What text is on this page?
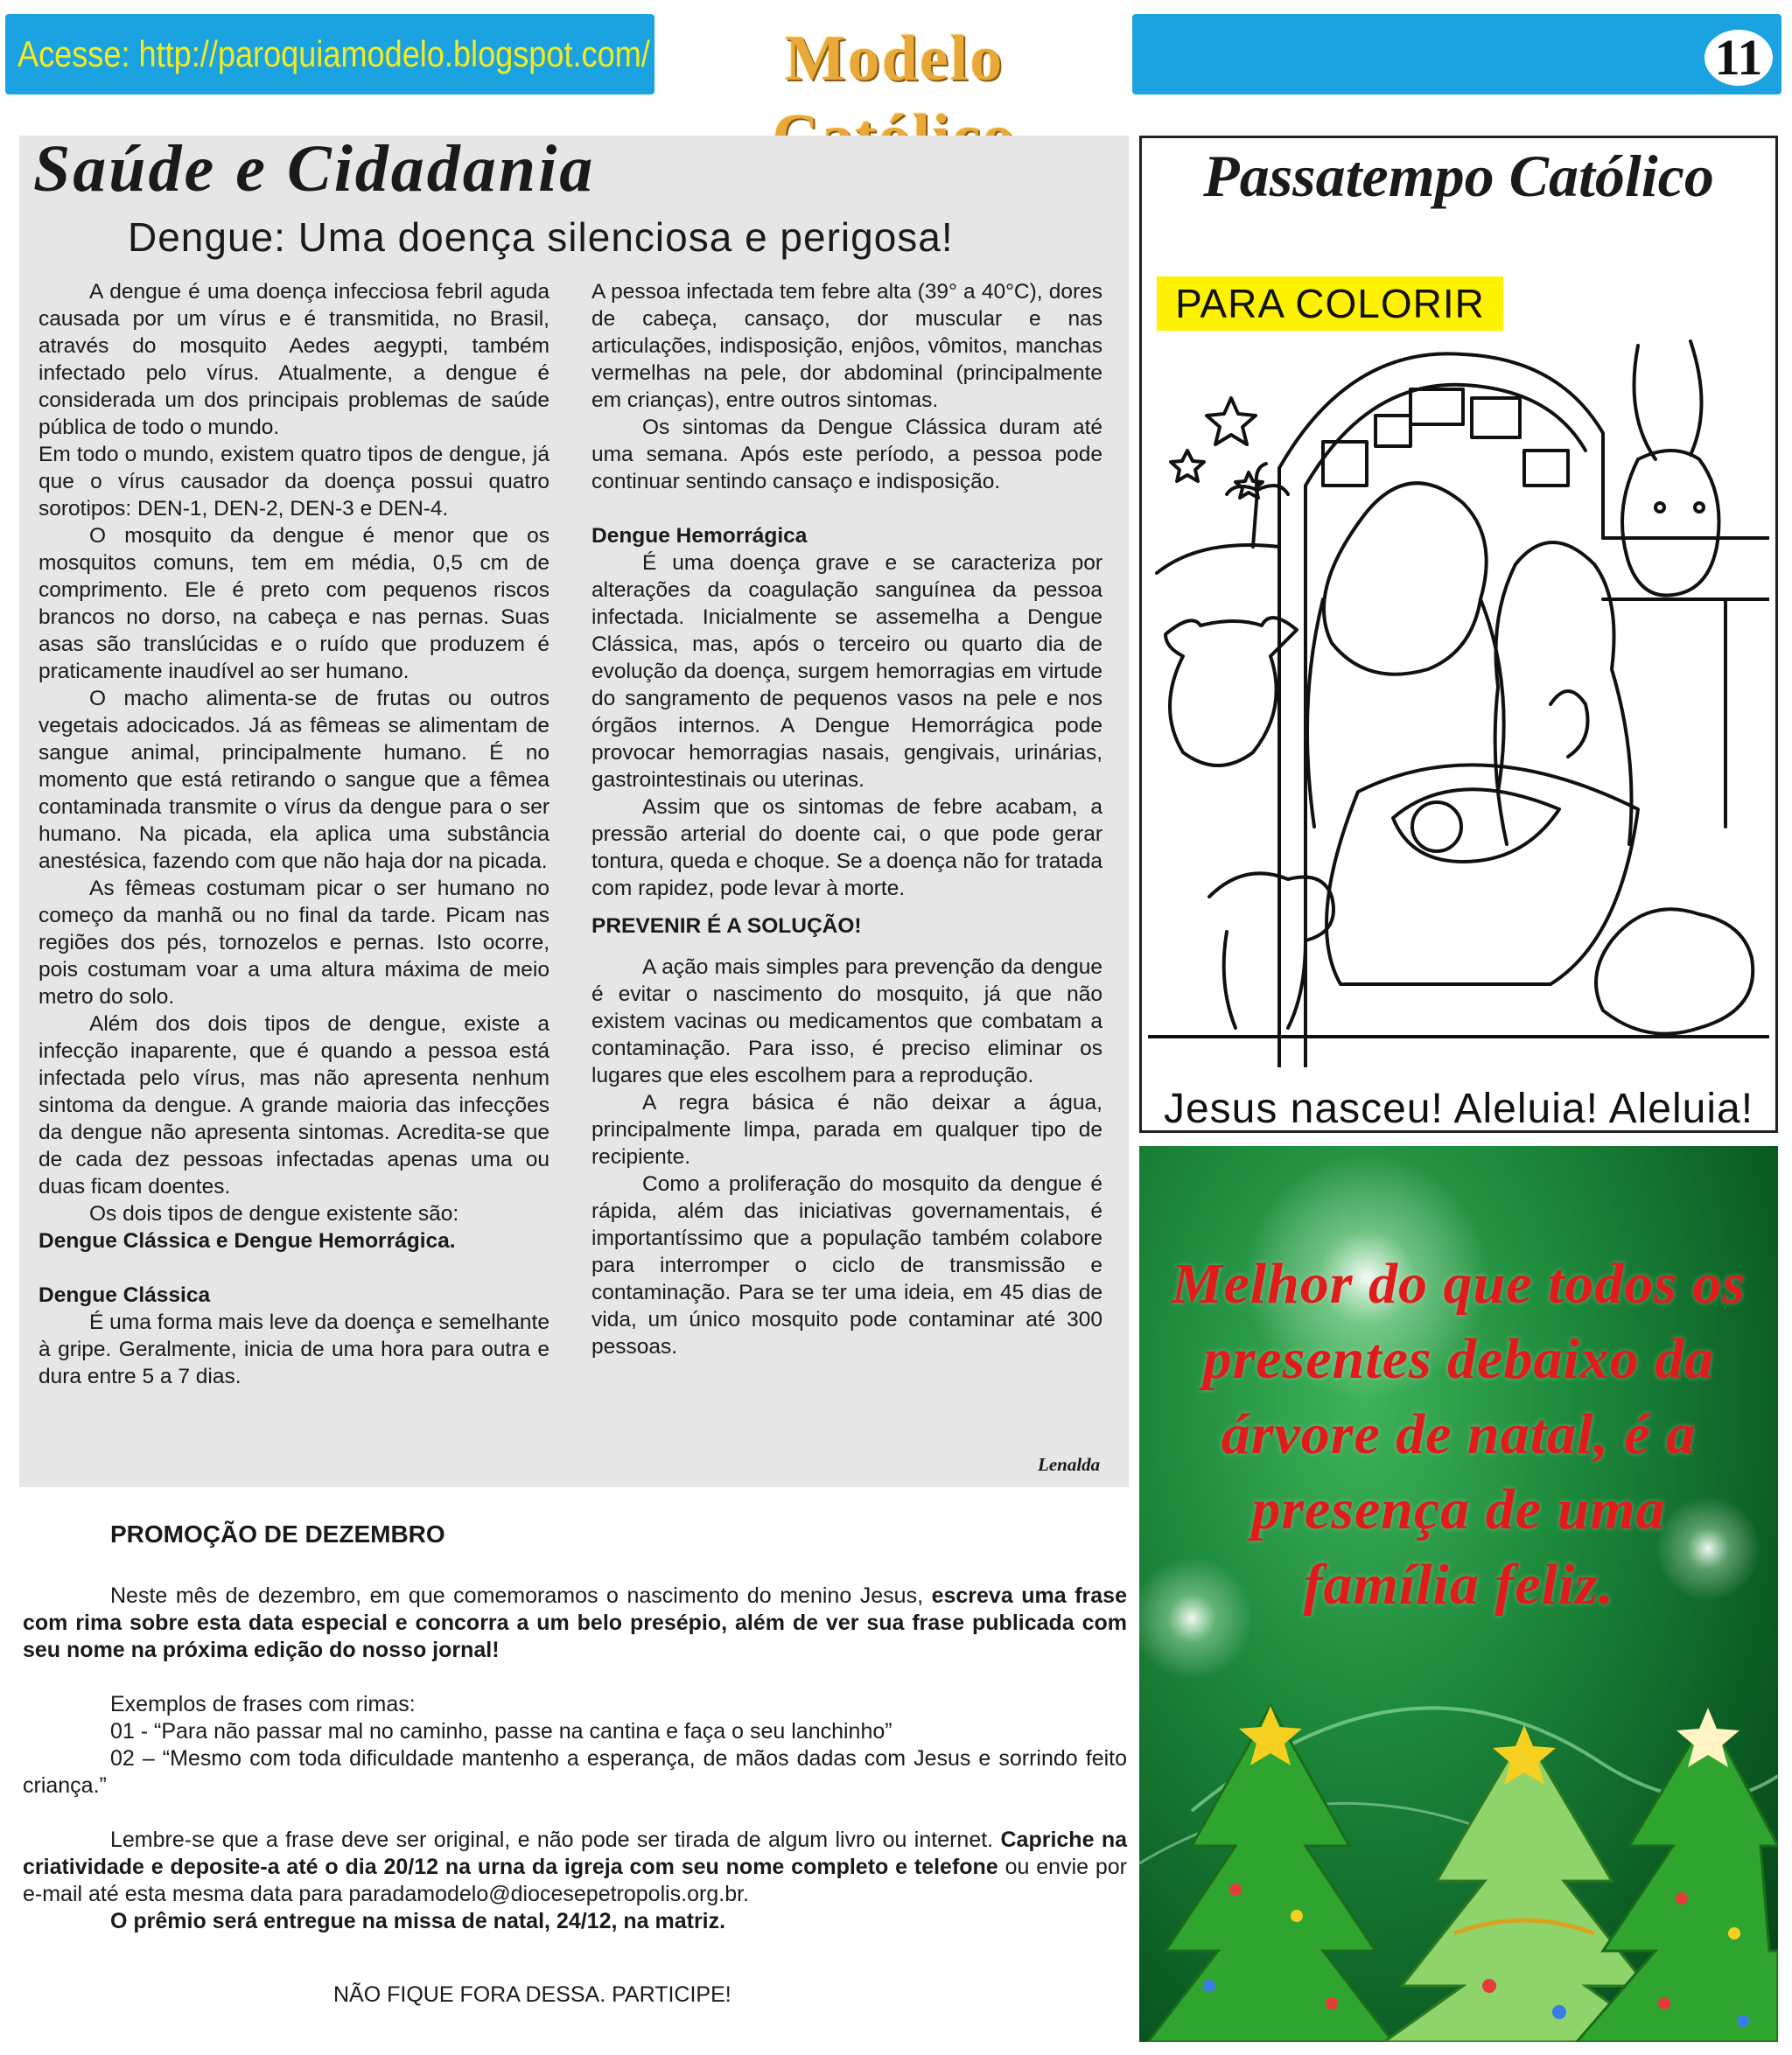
Acesse: http://paroquiamodelo.blogspot.com/	Modelo	11
Saúde e Cidadania
Dengue: Uma doença silenciosa e perigosa!

A dengue é uma doença infecciosa febril aguda causada por um vírus e é transmitida, no Brasil, através do mosquito Aedes aegypti, também infectado pelo vírus. Atualmente, a dengue é considerada um dos principais problemas de saúde pública de todo o mundo.

Em todo o mundo, existem quatro tipos de dengue, já que o vírus causador da doença possui quatro sorotipos: DEN-1, DEN-2, DEN-3 e DEN-4.

O mosquito da dengue é menor que os mosquitos comuns, tem em média, 0,5 cm de comprimento. Ele é preto com pequenos riscos brancos no dorso, na cabeça e nas pernas. Suas asas são translúcidas e o ruído que produzem é praticamente inaudível ao ser humano.

O macho alimenta-se de frutas ou outros vegetais adocicados. Já as fêmeas se alimentam de sangue animal, principalmente humano. É no momento que está retirando o sangue que a fêmea contaminada transmite o vírus da dengue para o ser humano. Na picada, ela aplica uma substância anestésica, fazendo com que não haja dor na picada.

As fêmeas costumam picar o ser humano no começo da manhã ou no final da tarde. Picam nas regiões dos pés, tornozelos e pernas. Isto ocorre, pois costumam voar a uma altura máxima de meio metro do solo.

Além dos dois tipos de dengue, existe a infecção inaparente, que é quando a pessoa está infectada pelo vírus, mas não apresenta nenhum sintoma da dengue. A grande maioria das infecções da dengue não apresenta sintomas. Acredita-se que de cada dez pessoas infectadas apenas uma ou duas ficam doentes.

Os dois tipos de dengue existente são:

Dengue Clássica e Dengue Hemorrágica.

Dengue Clássica

É uma forma mais leve da doença e semelhante à gripe. Geralmente, inicia de uma hora para outra e dura entre 5 a 7 dias.

A pessoa infectada tem febre alta (39° a 40°C), dores de cabeça, cansaço, dor muscular e nas articulações, indisposição, enjôos, vômitos, manchas vermelhas na pele, dor abdominal (principalmente em crianças), entre outros sintomas.

Os sintomas da Dengue Clássica duram até uma semana. Após este período, a pessoa pode continuar sentindo cansaço e indisposição.

Dengue Hemorrágica

É uma doença grave e se caracteriza por alterações da coagulação sanguínea da pessoa infectada. Inicialmente se assemelha a Dengue Clássica, mas, após o terceiro ou quarto dia de evolução da doença, surgem hemorragias em virtude do sangramento de pequenos vasos na pele e nos órgãos internos. A Dengue Hemorrágica pode provocar hemorragias nasais, gengivais, urinárias, gastrointestinais ou uterinas.

Assim que os sintomas de febre acabam, a pressão arterial do doente cai, o que pode gerar tontura, queda e choque. Se a doença não for tratada com rapidez, pode levar à morte.

PREVENIR É A SOLUÇÃO!

A ação mais simples para prevenção da dengue é evitar o nascimento do mosquito, já que não existem vacinas ou medicamentos que combatam a contaminação. Para isso, é preciso eliminar os lugares que eles escolhem para a reprodução.

A regra básica é não deixar a água, principalmente limpa, parada em qualquer tipo de recipiente.

Como a proliferação do mosquito da dengue é rápida, além das iniciativas governamentais, é importantíssimo que a população também colabore para interromper o ciclo de transmissão e contaminação. Para se ter uma ideia, em 45 dias de vida, um único mosquito pode contaminar até 300 pessoas.

Lenalda

PROMOÇÃO DE DEZEMBRO

Neste mês de dezembro, em que comemoramos o nascimento do menino Jesus, escreva uma frase com rima sobre esta data especial e concorra a um belo presépio, além de ver sua frase publicada com seu nome na próxima edição do nosso jornal!

Exemplos de frases com rimas:

01 - “Para não passar mal no caminho, passe na cantina e faça o seu lanchinho”

02 – “Mesmo com toda dificuldade mantenho a esperança, de mãos dadas com Jesus e sorrindo feito criança.”

Lembre-se que a frase deve ser original, e não pode ser tirada de algum livro ou internet. Capriche na criatividade e deposite-a até o dia 20/12 na urna da igreja com seu nome completo e telefone ou envie por e-mail até esta mesma data para paradamodelo@diocesepetropolis.org.br.

O prêmio será entregue na missa de natal, 24/12, na matriz.

NÃO FIQUE FORA DESSA. PARTICIPE!

Passatempo Católico
PARA COLORIR
Jesus nasceu! Aleluia! Aleluia!
Melhor do que todos os presentes debaixo da árvore de natal, é a presença de uma família feliz.
